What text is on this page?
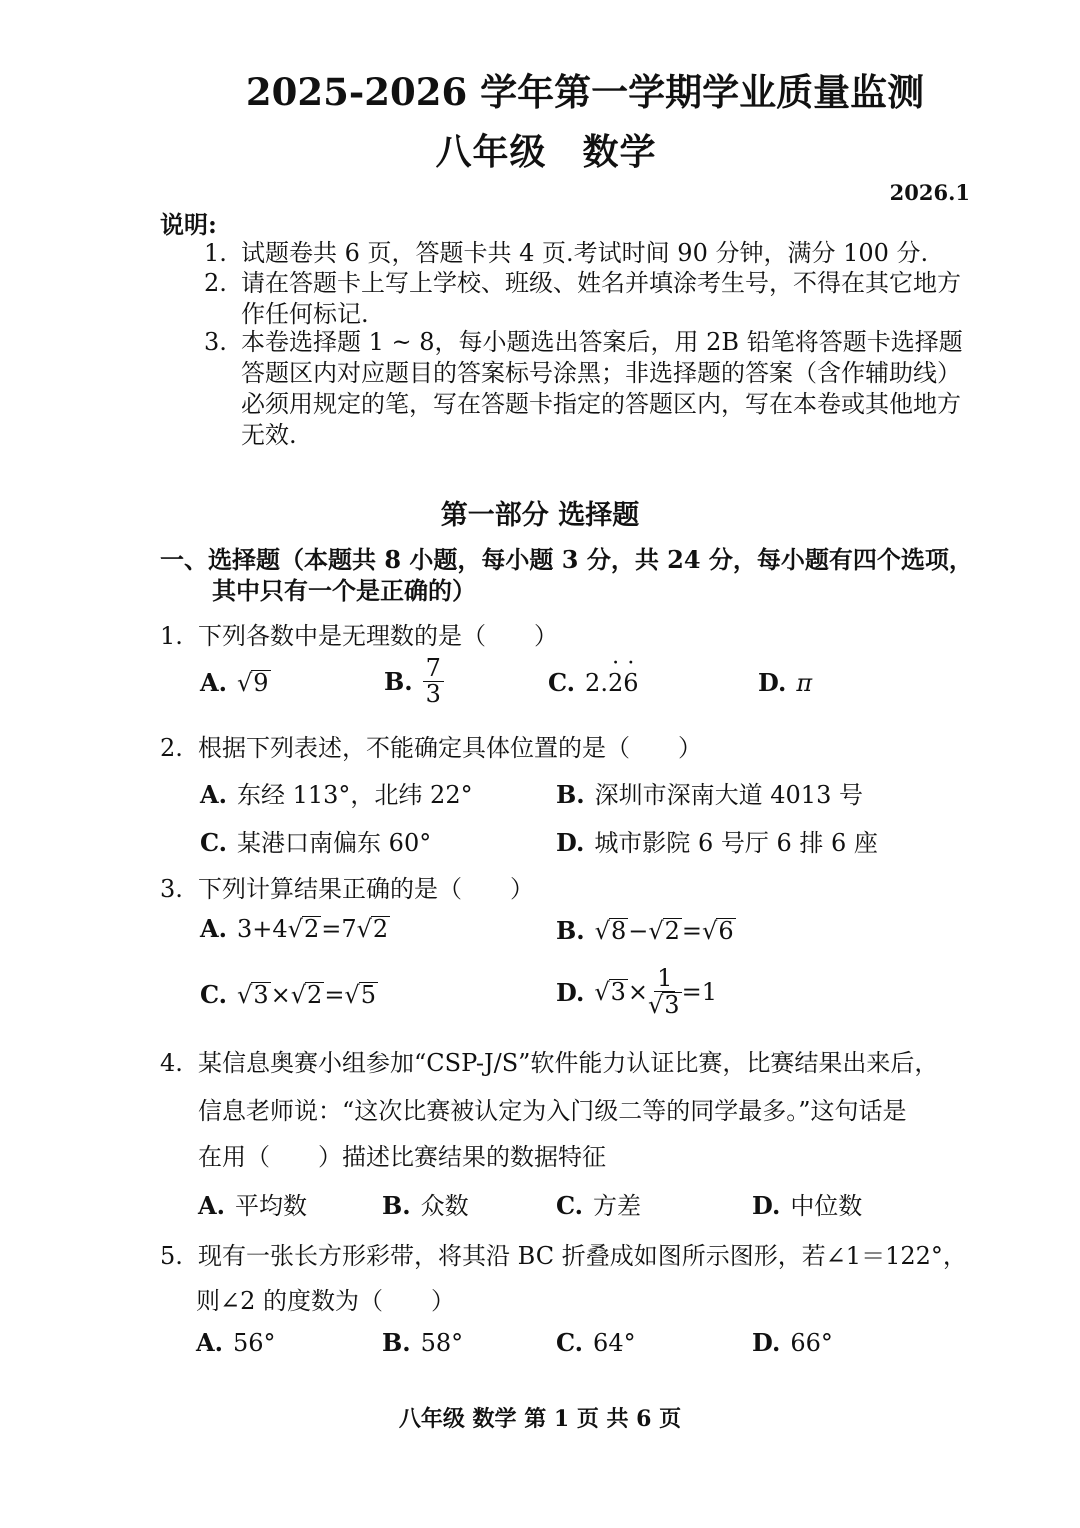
2025-2026 学年第一学期学业质量监测
八年级 数学
2026.1
说明:
1. 试题卷共 6 页，答题卡共 4 页.考试时间 90 分钟，满分 100 分.
2. 请在答题卡上写上学校、班级、姓名并填涂考生号，不得在其它地方作任何标记.
3. 本卷选择题 1 ~ 8，每小题选出答案后，用 2B 铅笔将答题卡选择题答题区内对应题目的答案标号涂黑；非选择题的答案（含作辅助线）必须用规定的笔，写在答题卡指定的答题区内，写在本卷或其他地方无效.
第一部分 选择题
一、选择题（本题共 8 小题，每小题 3 分，共 24 分，每小题有四个选项，
其中只有一个是正确的）
1. 下列各数中是无理数的是（　　）
A. √9	B. $\frac{7}{3}$	C. 2.· 2· 6	D. π
2. 根据下列表述，不能确定具体位置的是（　　）
A. 东经 113°，北纬 22°	B. 深圳市深南大道 4013 号
C. 某港口南偏东 60°	D. 城市影院 6 号厅 6 排 6 座
3. 下列计算结果正确的是（　　）
A. 3+4√2=7√2	B. √8−√2=√6
C. √3×√2=√5	D. $√3\times \frac{1}{√3} =1$
4. 某信息奥赛小组参加“CSP-J/S”软件能力认证比赛，比赛结果出来后，
信息老师说：“这次比赛被认定为入门级二等的同学最多。”这句话是
在用（　　）描述比赛结果的数据特征
A. 平均数	B. 众数	C. 方差	D. 中位数
5. 现有一张长方形彩带，将其沿 BC 折叠成如图所示图形，若∠1＝122°，
则∠2 的度数为（　　）
A. 56°	B. 58°	C. 64°	D. 66°
八年级 数学 第 1 页 共 6 页
